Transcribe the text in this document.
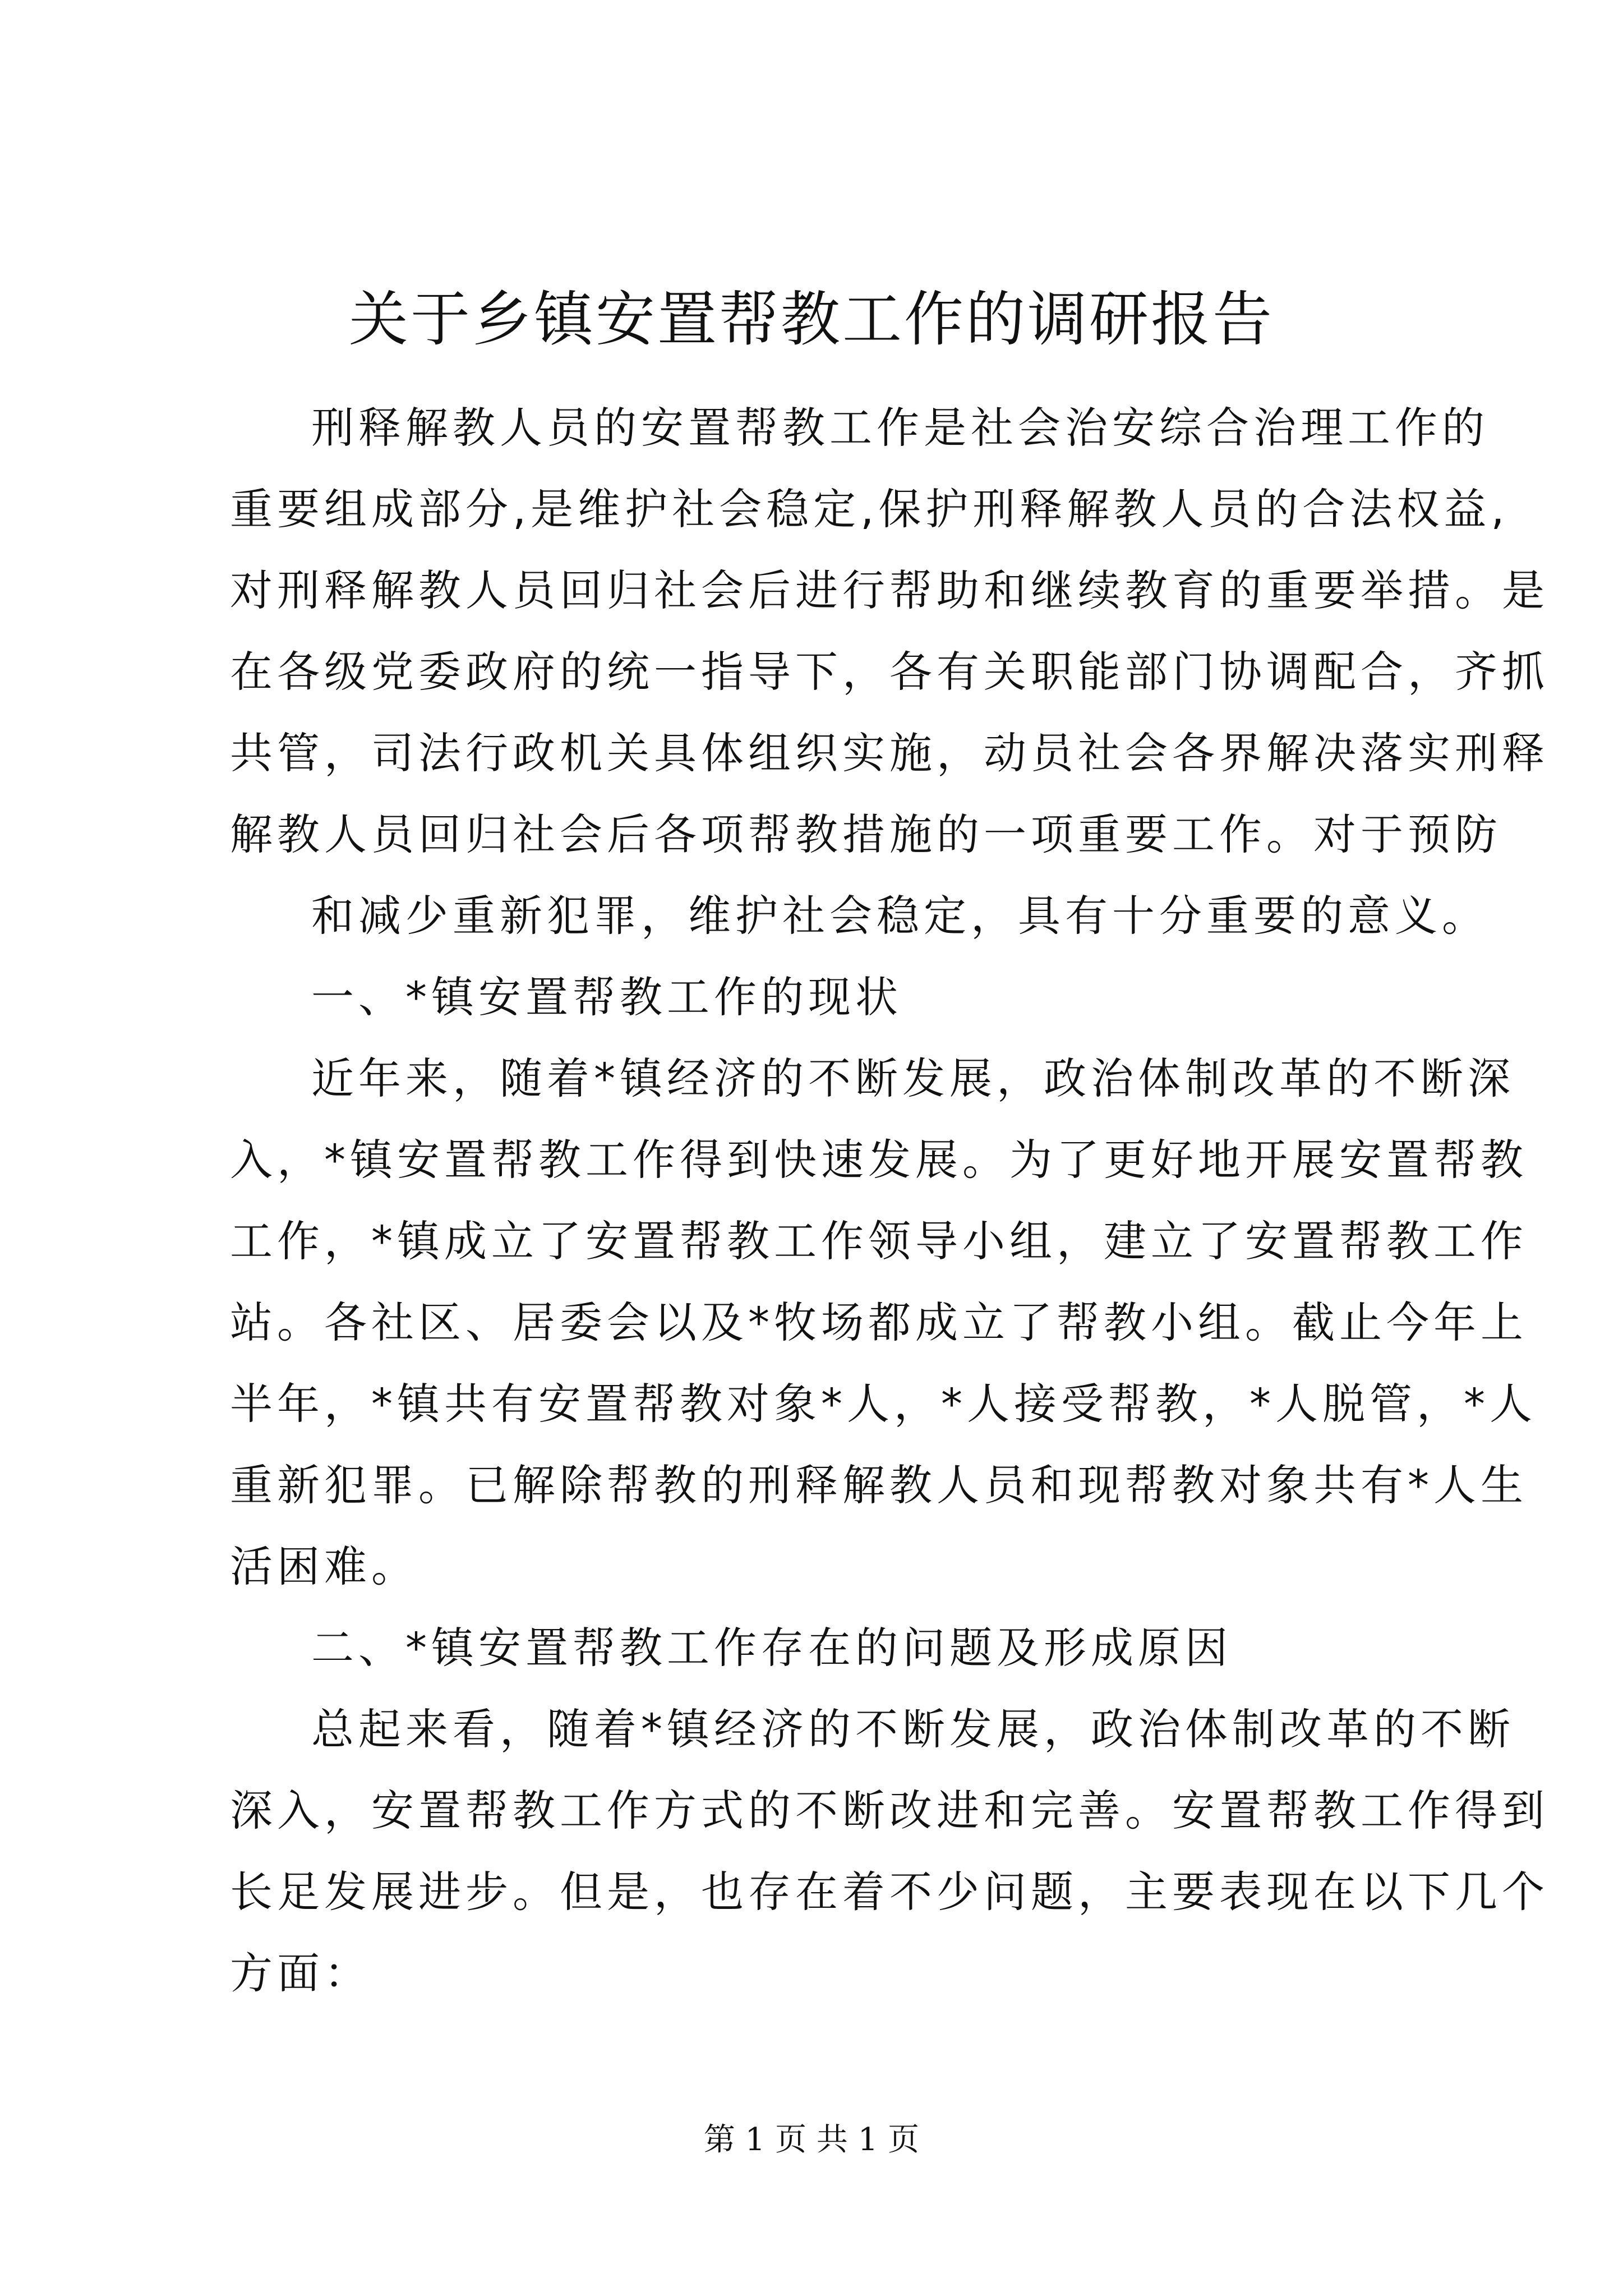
关于乡镇安置帮教工作的调研报告
刑释解教人员的安置帮教工作是社会治安综合治理工作的
重要组成部分,是维护社会稳定,保护刑释解教人员的合法权益,
对刑释解教人员回归社会后进行帮助和继续教育的重要举措。是
在各级党委政府的统一指导下，各有关职能部门协调配合，齐抓
共管，司法行政机关具体组织实施，动员社会各界解决落实刑释
解教人员回归社会后各项帮教措施的一项重要工作。对于预防
和减少重新犯罪，维护社会稳定，具有十分重要的意义。
一、*镇安置帮教工作的现状
近年来，随着*镇经济的不断发展，政治体制改革的不断深
入，*镇安置帮教工作得到快速发展。为了更好地开展安置帮教
工作，*镇成立了安置帮教工作领导小组，建立了安置帮教工作
站。各社区、居委会以及*牧场都成立了帮教小组。截止今年上
半年，*镇共有安置帮教对象*人，*人接受帮教，*人脱管，*人
重新犯罪。已解除帮教的刑释解教人员和现帮教对象共有*人生
活困难。
二、*镇安置帮教工作存在的问题及形成原因
总起来看，随着*镇经济的不断发展，政治体制改革的不断
深入，安置帮教工作方式的不断改进和完善。安置帮教工作得到
长足发展进步。但是，也存在着不少问题，主要表现在以下几个
方面：
第 1 页 共 1 页
